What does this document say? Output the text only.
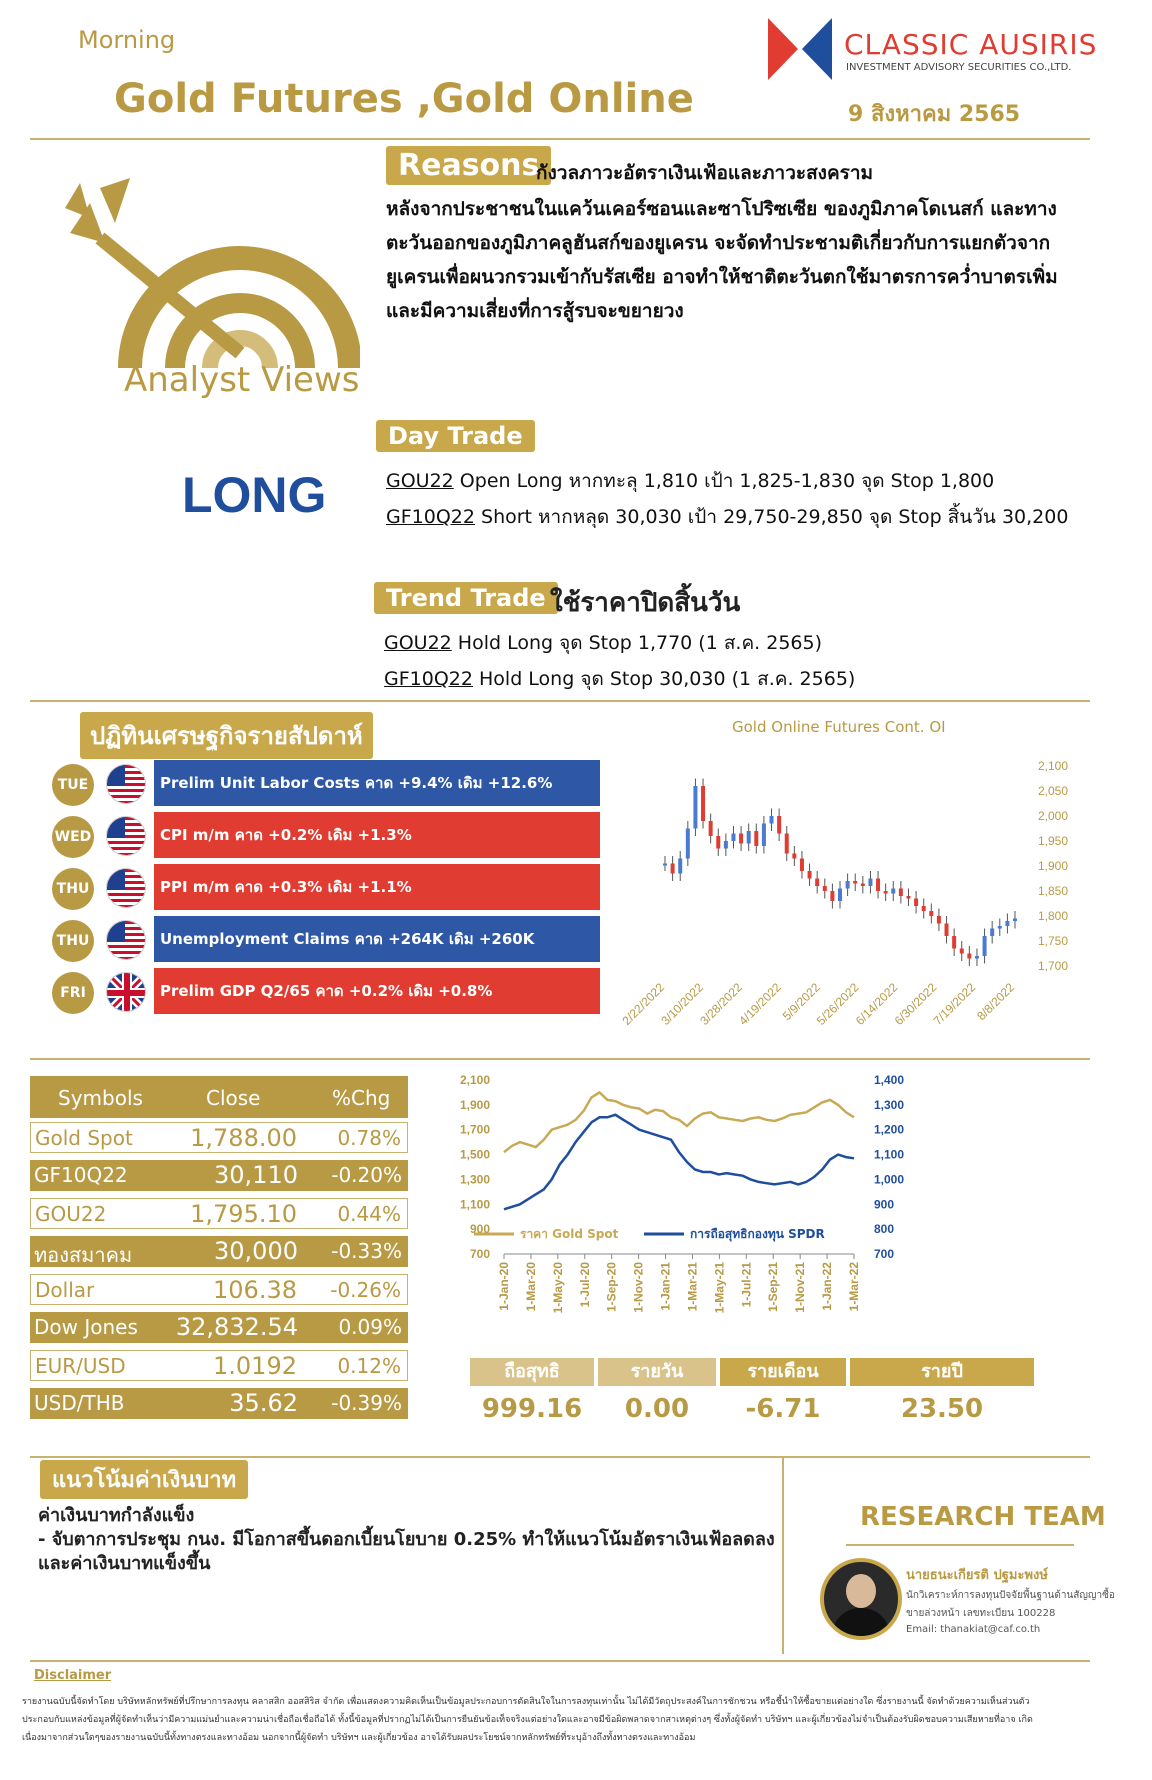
Morning
Gold Futures ,Gold Online
CLASSIC AUSIRIS
INVESTMENT ADVISORY SECURITIES CO.,LTD.
9 สิงหาคม 2565
Analyst Views
LONG
Reasons
กังวลภาวะอัตราเงินเฟ้อและภาวะสงคราม
หลังจากประชาชนในแคว้นเคอร์ซอนและซาโปริซเซีย ของภูมิภาคโดเนสก์ และทาง
ตะวันออกของภูมิภาคลูฮันสก์ของยูเครน จะจัดทำประชามติเกี่ยวกับการแยกตัวจาก
ยูเครนเพื่อผนวกรวมเข้ากับรัสเซีย อาจทำให้ชาติตะวันตกใช้มาตรการคว่ำบาตรเพิ่ม
และมีความเสี่ยงที่การสู้รบจะขยายวง
Day Trade
GOU22 Open Long หากทะลุ 1,810 เป้า 1,825-1,830 จุด Stop 1,800
GF10Q22 Short หากหลุด 30,030 เป้า 29,750-29,850 จุด Stop สิ้นวัน 30,200
Trend Trade ใช้ราคาปิดสิ้นวัน
GOU22 Hold Long จุด Stop 1,770 (1 ส.ค. 2565)
GF10Q22 Hold Long จุด Stop 30,030 (1 ส.ค. 2565)
ปฏิทินเศรษฐกิจรายสัปดาห์
TUE	Prelim Unit Labor Costs คาด +9.4% เดิม +12.6%
WED	CPI m/m คาด +0.2% เดิม +1.3%
THU	PPI m/m คาด +0.3% เดิม +1.1%
THU	Unemployment Claims คาด +264K เดิม +260K
FRI	Prelim GDP Q2/65 คาด +0.2% เดิม +0.8%
Gold Online Futures Cont. OI
2,100
2,050
2,000
1,950
1,900
1,850
1,800
1,750
1,700
2/22/2022
3/10/2022
3/28/2022
4/19/2022
5/9/2022
5/26/2022
6/14/2022
6/30/2022
7/19/2022
8/8/2022
Symbols	Close	%Chg
Gold Spot 1,788.00 0.78%
GF10Q22	30,110 -0.20%
GOU22	1,795.10 0.44%
ทองสมาคม	30,000 -0.33%
Dollar	106.38 -0.26%
Dow Jones 32,832.54 0.09%
EUR/USD	1.0192 0.12%
USD/THB	35.62 -0.39%
2,100
1,900
1,700
1,500
1,300
1,100
900
700
1,400
1,300
1,200
1,100
1,000
900
800
700
ราคา Gold Spot	การถือสุทธิกองทุน SPDR
1-Jan-20 1-Mar-20 1-May-20 1-Jul-20 1-Sep-20 1-Nov-20 1-Jan-21 1-Mar-21 1-May-21 1-Jul-21 1-Sep-21 1-Nov-21 1-Jan-22 1-Mar-22
ถือสุทธิ	รายวัน	รายเดือน	รายปี
999.16	0.00	-6.71	23.50
แนวโน้มค่าเงินบาท
ค่าเงินบาทกำลังแข็ง
- จับตาการประชุม กนง. มีโอกาสขึ้นดอกเบี้ยนโยบาย 0.25% ทำให้แนวโน้มอัตราเงินเฟ้อลดลง
และค่าเงินบาทแข็งขึ้น
RESEARCH TEAM
นายธนะเกียรติ ปฐมะพงษ์
นักวิเคราะห์การลงทุนปัจจัยพื้นฐานด้านสัญญาซื้อ
ขายล่วงหน้า เลขทะเบียน 100228
Email: thanakiat@caf.co.th
Disclaimer
รายงานฉบับนี้จัดทำโดย บริษัทหลักทรัพย์ที่ปรึกษาการลงทุน คลาสสิก ออสสิริส จำกัด เพื่อแสดงความคิดเห็นเป็นข้อมูลประกอบการตัดสินใจในการลงทุนเท่านั้น ไม่ได้มีวัตถุประสงค์ในการชักชวน หรือชี้นำให้ซื้อขายแต่อย่างใด ซึ่งรายงานนี้ จัดทำด้วยความเห็นส่วนตัว
ประกอบกับแหล่งข้อมูลที่ผู้จัดทำเห็นว่ามีความแม่นยำและความน่าเชื่อถือเชื่อถือได้ ทั้งนี้ข้อมูลที่ปรากฏไม่ได้เป็นการยืนยันข้อเท็จจริงแต่อย่างใดและอาจมีข้อผิดพลาดจากสาเหตุต่างๆ ซึ่งทั้งผู้จัดทำ บริษัทฯ และผู้เกี่ยวข้องไม่จำเป็นต้องรับผิดชอบความเสียหายที่อาจ เกิด
เนื่องมาจากส่วนใดๆของรายงานฉบับนี้ทั้งทางตรงและทางอ้อม นอกจากนี้ผู้จัดทำ บริษัทฯ และผู้เกี่ยวข้อง อาจได้รับผลประโยชน์จากหลักทรัพย์ที่ระบุอ้างถึงทั้งทางตรงและทางอ้อม
